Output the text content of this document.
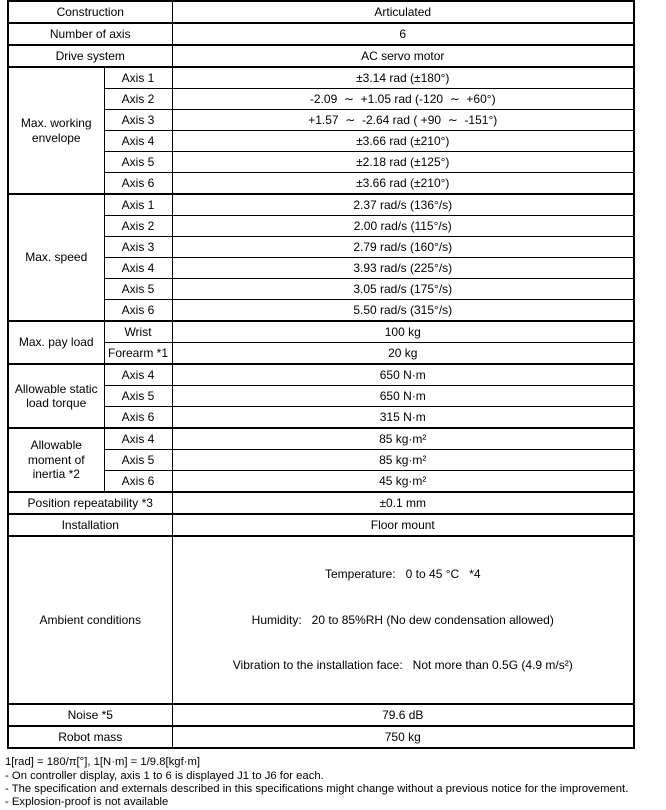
Construction		Articulated
Number of axis		6
Drive system		AC servo motor
Max. working envelope	Axis 1	±3.14 rad (±180°)
	Axis 2	-2.09  ∼  +1.05 rad (-120  ∼  +60°)
	Axis 3	+1.57  ∼  -2.64 rad ( +90  ∼  -151°)
	Axis 4	±3.66 rad (±210°)
	Axis 5	±2.18 rad (±125°)
	Axis 6	±3.66 rad (±210°)
Max. speed	Axis 1	2.37 rad/s (136°/s)
	Axis 2	2.00 rad/s (115°/s)
	Axis 3	2.79 rad/s (160°/s)
	Axis 4	3.93 rad/s (225°/s)
	Axis 5	3.05 rad/s (175°/s)
	Axis 6	5.50 rad/s (315°/s)
Max. pay load	Wrist	100 kg
	Forearm *1	20 kg
Allowable static load torque	Axis 4	650 N·m
	Axis 5	650 N·m
	Axis 6	315 N·m
Allowable moment of inertia *2	Axis 4	85 kg·m²
	Axis 5	85 kg·m²
	Axis 6	45 kg·m²
Position repeatability *3		±0.1 mm
Installation		Floor mount
Ambient conditions		Temperature:   0 to 45 °C   *4

Humidity:   20 to 85%RH (No dew condensation allowed)

Vibration to the installation face:   Not more than 0.5G (4.9 m/s²)

Noise *5		79.6 dB
Robot mass		750 kg
1[rad] = 180/π[°], 1[N·m] = 1/9.8[kgf·m]
- On controller display, axis 1 to 6 is displayed J1 to J6 for each.
- The specification and externals described in this specifications might change without a previous notice for the improvement.
- Explosion-proof is not available
